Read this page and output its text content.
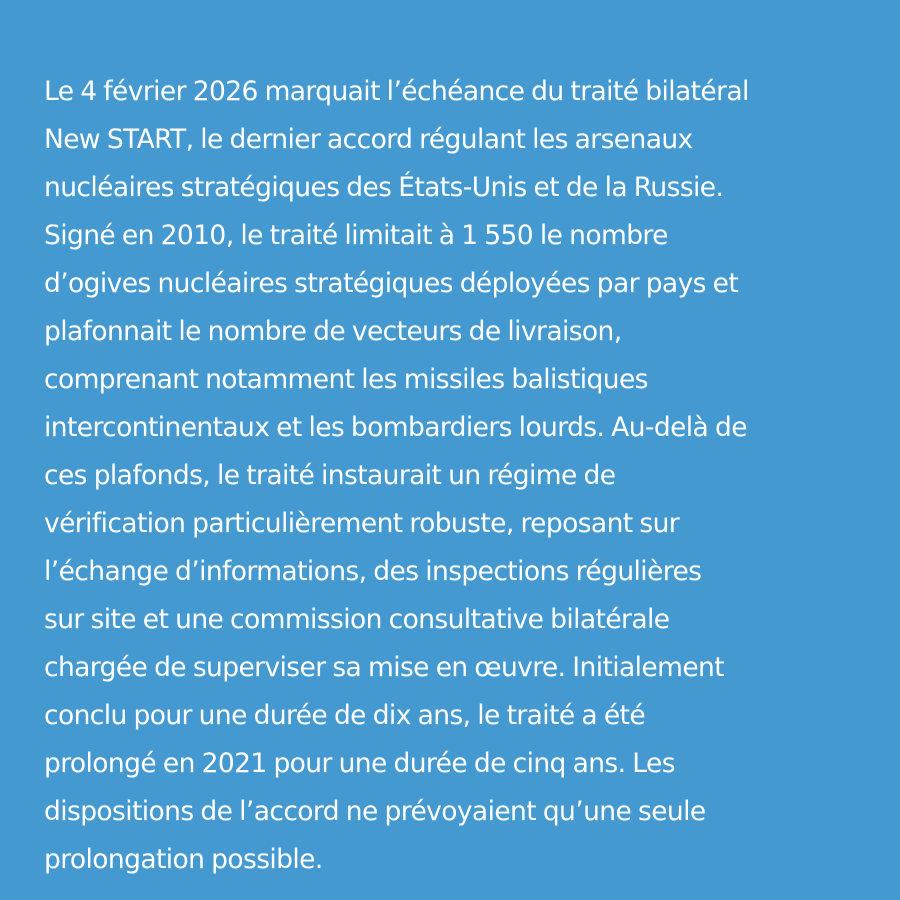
Le 4 février 2026 marquait l’échéance du traité bilatéral
New START, le dernier accord régulant les arsenaux
nucléaires stratégiques des États-Unis et de la Russie.
Signé en 2010, le traité limitait à 1 550 le nombre
d’ogives nucléaires stratégiques déployées par pays et
plafonnait le nombre de vecteurs de livraison,
comprenant notamment les missiles balistiques
intercontinentaux et les bombardiers lourds. Au-delà de
ces plafonds, le traité instaurait un régime de
vérification particulièrement robuste, reposant sur
l’échange d’informations, des inspections régulières
sur site et une commission consultative bilatérale
chargée de superviser sa mise en œuvre. Initialement
conclu pour une durée de dix ans, le traité a été
prolongé en 2021 pour une durée de cinq ans. Les
dispositions de l’accord ne prévoyaient qu’une seule
prolongation possible.
